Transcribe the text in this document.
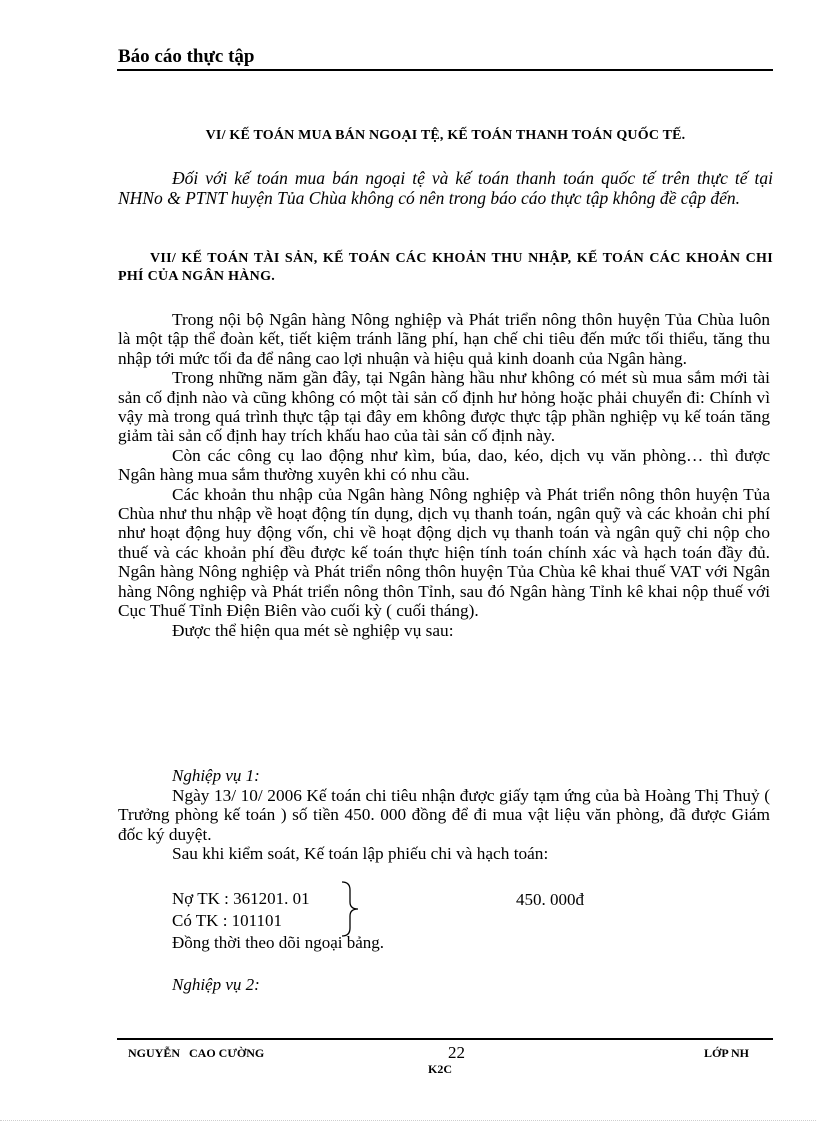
Báo cáo thực tập
VI/ KẾ TOÁN MUA BÁN NGOẠI TỆ, KẾ TOÁN THANH TOÁN QUỐC TẾ.
Đối với kế toán mua bán ngoại tệ và kế toán thanh toán quốc tế trên thực tế tại NHNo & PTNT huyện Tủa Chùa không có nên trong báo cáo thực tập không đề cập đến.
VII/ KẾ TOÁN TÀI SẢN, KẾ TOÁN CÁC KHOẢN THU NHẬP, KẾ TOÁN CÁC KHOẢN CHI PHÍ CỦA NGÂN HÀNG.

Trong nội bộ Ngân hàng Nông nghiệp và Phát triển nông thôn huyện Tủa Chùa luôn là một tập thể đoàn kết, tiết kiệm tránh lãng phí, hạn chế chi tiêu đến mức tối thiểu, tăng thu nhập tới mức tối đa để nâng cao lợi nhuận và hiệu quả kinh doanh của Ngân hàng.

Trong những năm gần đây, tại Ngân hàng hầu như không có mét sù mua sắm mới tài sản cố định nào và cũng không có một tài sản cố định hư hỏng hoặc phải chuyển đi: Chính vì vậy mà trong quá trình thực tập tại đây em không được thực tập phần nghiệp vụ kế toán tăng giảm tài sản cố định hay trích khấu hao của tài sản cố định này.

Còn các công cụ lao động như kìm, búa, dao, kéo, dịch vụ văn phòng… thì được Ngân hàng mua sắm thường xuyên khi có nhu cầu.

Các khoản thu nhập của Ngân hàng Nông nghiệp và Phát triển nông thôn huyện Tủa Chùa như thu nhập về hoạt động tín dụng, dịch vụ thanh toán, ngân quỹ và các khoản chi phí như hoạt động huy động vốn, chi về hoạt động dịch vụ thanh toán và ngân quỹ chi nộp cho thuế và các khoản phí đều được kế toán thực hiện tính toán chính xác và hạch toán đầy đủ. Ngân hàng Nông nghiệp và Phát triển nông thôn huyện Tủa Chùa kê khai thuế VAT với Ngân hàng Nông nghiệp và Phát triển nông thôn Tỉnh, sau đó Ngân hàng Tỉnh kê khai nộp thuế với Cục Thuế Tỉnh Điện Biên vào cuối kỳ ( cuối tháng).

Được thể hiện qua mét sè nghiệp vụ sau:

Nghiệp vụ 1:

Ngày 13/ 10/ 2006 Kế toán chi tiêu nhận được giấy tạm ứng của bà Hoàng Thị Thuỷ ( Trưởng phòng kế toán ) số tiền 450. 000 đồng để đi mua vật liệu văn phòng, đã được Giám đốc ký duyệt.

Sau khi kiểm soát, Kế toán lập phiếu chi và hạch toán:

Nợ TK : 361201. 01
Có TK : 101101
450. 000đ
Đồng thời theo dõi ngoại bảng.
Nghiệp vụ 2:
NGUYỄN   CAO CƯỜNG	22
K2C
LỚP NH
